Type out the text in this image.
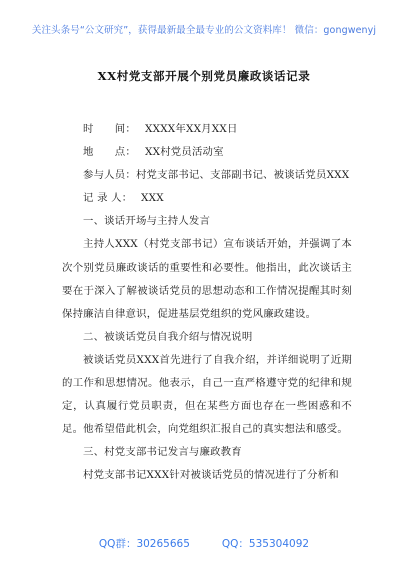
关注头条号“公文研究”，获得最新最全最专业的公文资料库！ 微信：gongwenyj
XX村党支部开展个别党员廉政谈话记录

时　　间： XXXX年XX月XX日

地　　点： XX村党员活动室

参与人员：村党支部书记、支部副书记、被谈话党员XXX

记 录 人： XXX

一、谈话开场与主持人发言

主持人XXX（村党支部书记）宣布谈话开始，并强调了本次个别党员廉政谈话的重要性和必要性。他指出，此次谈话主要在于深入了解被谈话党员的思想动态和工作情况提醒其时刻保持廉洁自律意识，促进基层党组织的党风廉政建设。

二、被谈话党员自我介绍与情况说明

被谈话党员XXX首先进行了自我介绍，并详细说明了近期的工作和思想情况。他表示，自己一直严格遵守党的纪律和规定，认真履行党员职责，但在某些方面也存在一些困惑和不足。他希望借此机会，向党组织汇报自己的真实想法和感受。

三、村党支部书记发言与廉政教育

村党支部书记XXX针对被谈话党员的情况进行了分析和

QQ群：30265665	QQ：535304092
